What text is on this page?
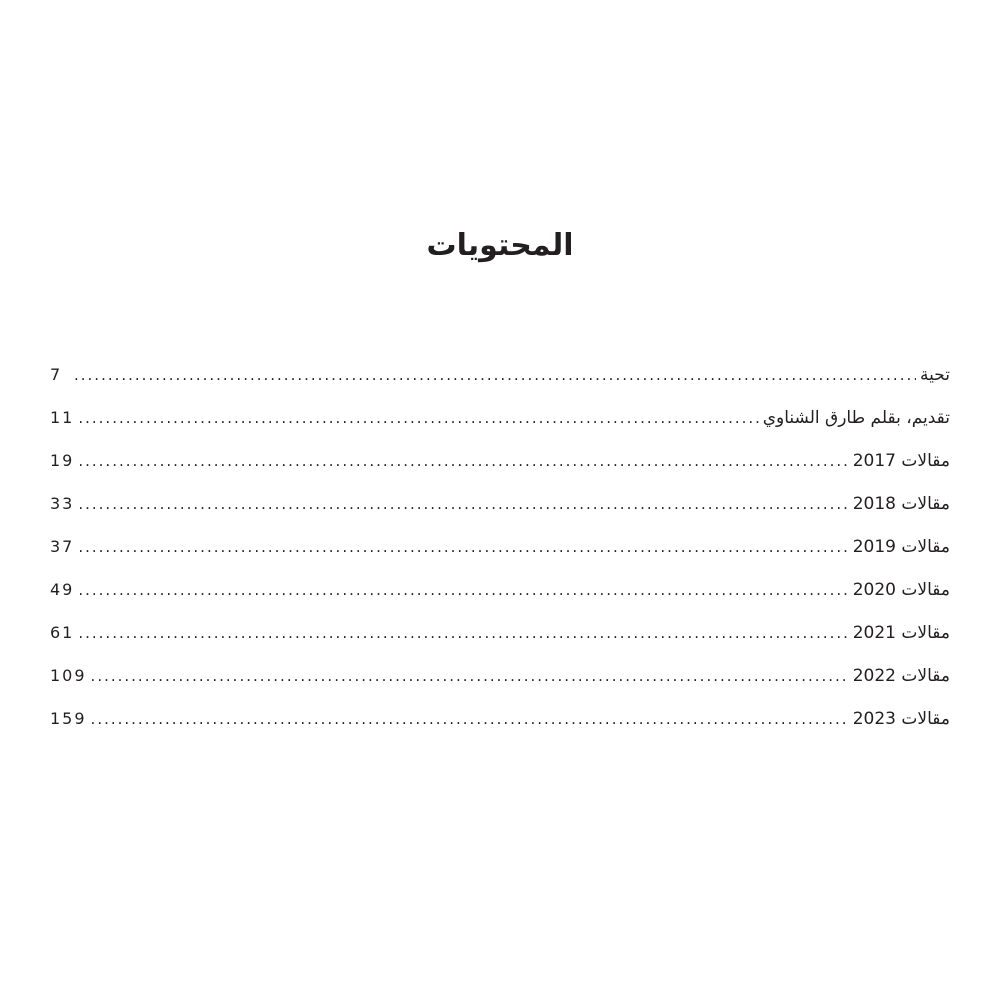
المحتويات
تحية
.....
7
تقديم، بقلم طارق الشناوي
.....
11
مقالات 2017
.....
19
مقالات 2018
.....
33
مقالات 2019
.....
37
مقالات 2020
.....
49
مقالات 2021
.....
61
مقالات 2022
.....
109
مقالات 2023
.....
159
